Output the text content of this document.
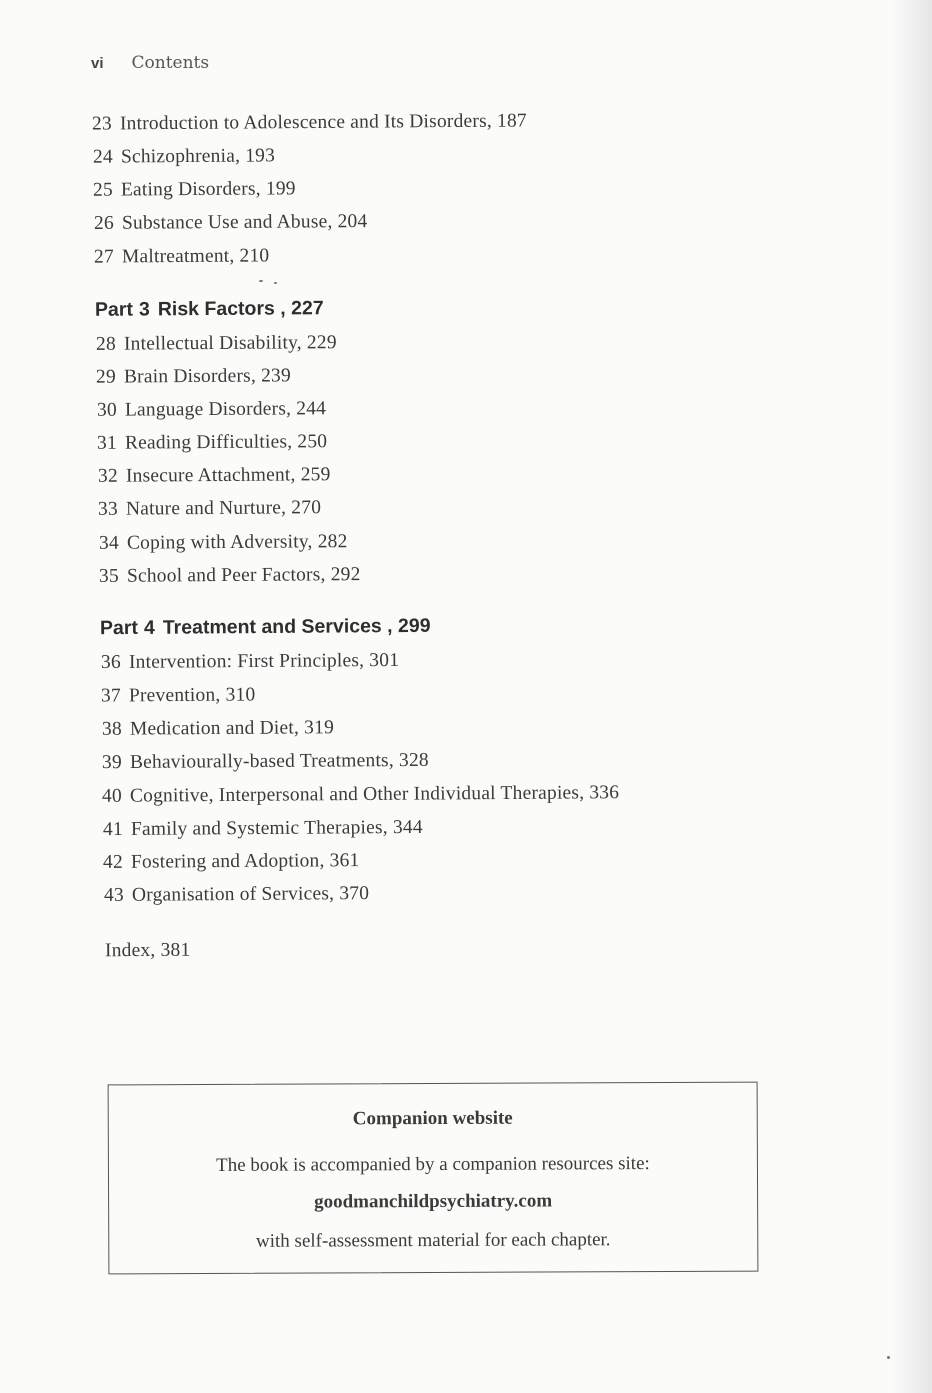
vi Contents
23 Introduction to Adolescence and Its Disorders, 187
24 Schizophrenia, 193
25 Eating Disorders, 199
26 Substance Use and Abuse, 204
27 Maltreatment, 210
Part 3 Risk Factors , 227
28 Intellectual Disability, 229
29 Brain Disorders, 239
30 Language Disorders, 244
31 Reading Difficulties, 250
32 Insecure Attachment, 259
33 Nature and Nurture, 270
34 Coping with Adversity, 282
35 School and Peer Factors, 292
Part 4 Treatment and Services , 299
36 Intervention: First Principles, 301
37 Prevention, 310
38 Medication and Diet, 319
39 Behaviourally-based Treatments, 328
40 Cognitive, Interpersonal and Other Individual Therapies, 336
41 Family and Systemic Therapies, 344
42 Fostering and Adoption, 361
43 Organisation of Services, 370
Index, 381
Companion website
The book is accompanied by a companion resources site:
goodmanchildpsychiatry.com
with self-assessment material for each chapter.
